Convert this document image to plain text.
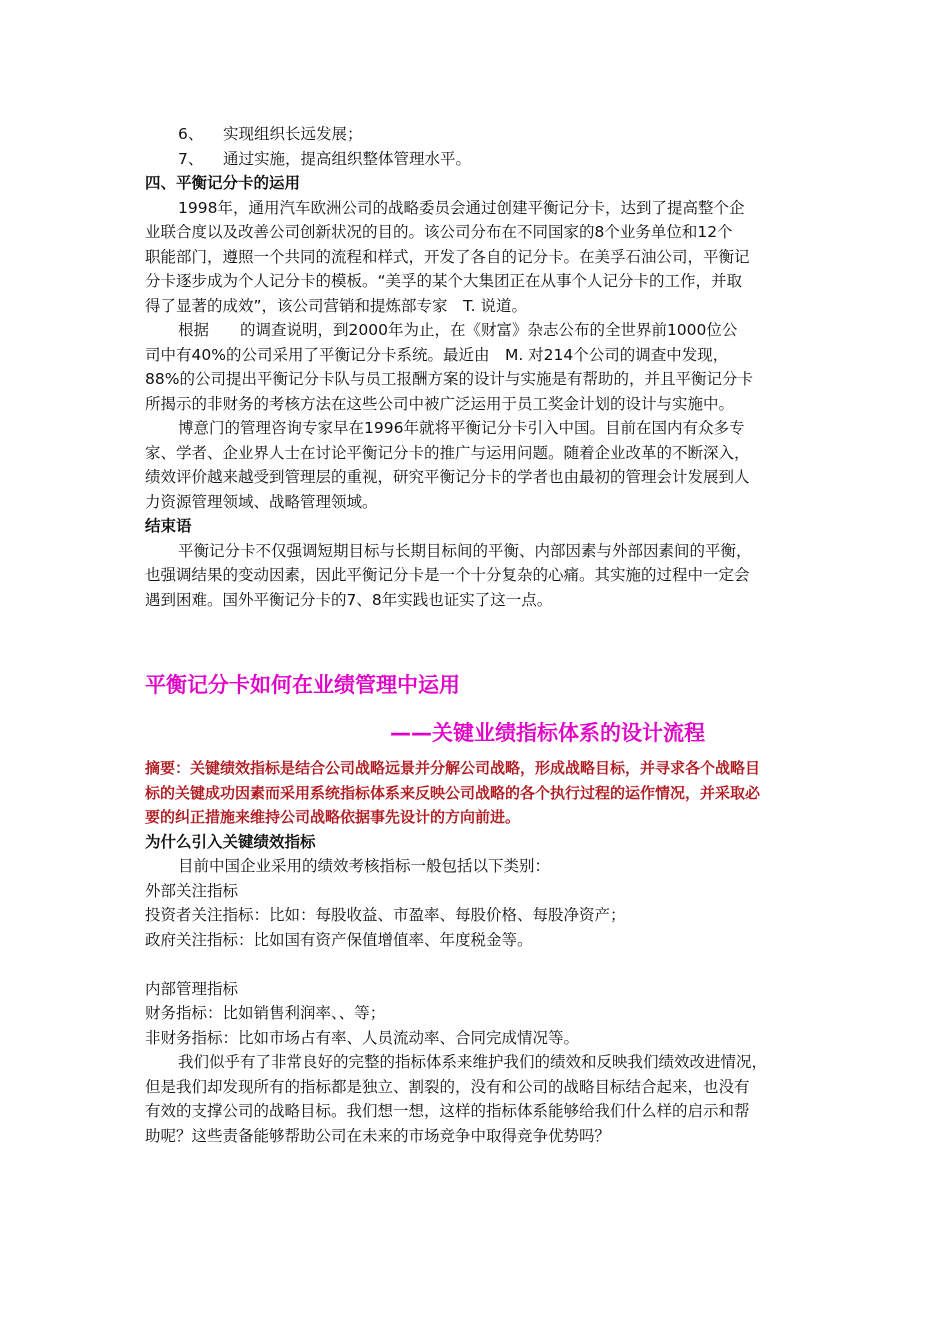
6、 实现组织长远发展；
7、 通过实施，提高组织整体管理水平。
四、平衡记分卡的运用
1998年，通用汽车欧洲公司的战略委员会通过创建平衡记分卡，达到了提高整个企
业联合度以及改善公司创新状况的目的。该公司分布在不同国家的8个业务单位和12个
职能部门，遵照一个共同的流程和样式，开发了各自的记分卡。在美孚石油公司，平衡记
分卡逐步成为个人记分卡的模板。“美孚的某个大集团正在从事个人记分卡的工作，并取
得了显著的成效”，该公司营销和提炼部专家　T. 说道。
根据　　的调查说明，到2000年为止，在《财富》杂志公布的全世界前1000位公
司中有40%的公司采用了平衡记分卡系统。最近由　M. 对214个公司的调查中发现，
88%的公司提出平衡记分卡队与员工报酬方案的设计与实施是有帮助的，并且平衡记分卡
所揭示的非财务的考核方法在这些公司中被广泛运用于员工奖金计划的设计与实施中。
博意门的管理咨询专家早在1996年就将平衡记分卡引入中国。目前在国内有众多专
家、学者、企业界人士在讨论平衡记分卡的推广与运用问题。随着企业改革的不断深入，
绩效评价越来越受到管理层的重视，研究平衡记分卡的学者也由最初的管理会计发展到人
力资源管理领域、战略管理领域。
结束语
平衡记分卡不仅强调短期目标与长期目标间的平衡、内部因素与外部因素间的平衡，
也强调结果的变动因素，因此平衡记分卡是一个十分复杂的心痛。其实施的过程中一定会
遇到困难。国外平衡记分卡的7、8年实践也证实了这一点。
平衡记分卡如何在业绩管理中运用
——关键业绩指标体系的设计流程
摘要：关键绩效指标是结合公司战略远景并分解公司战略，形成战略目标，并寻求各个战略目
标的关键成功因素而采用系统指标体系来反映公司战略的各个执行过程的运作情况，并采取必
要的纠正措施来维持公司战略依据事先设计的方向前进。
为什么引入关键绩效指标
目前中国企业采用的绩效考核指标一般包括以下类别：
外部关注指标
投资者关注指标：比如：每股收益、市盈率、每股价格、每股净资产；
政府关注指标：比如国有资产保值增值率、年度税金等。
内部管理指标
财务指标：比如销售利润率、、等；
非财务指标：比如市场占有率、人员流动率、合同完成情况等。
我们似乎有了非常良好的完整的指标体系来维护我们的绩效和反映我们绩效改进情况，
但是我们却发现所有的指标都是独立、割裂的，没有和公司的战略目标结合起来，也没有
有效的支撑公司的战略目标。我们想一想，这样的指标体系能够给我们什么样的启示和帮
助呢？这些责备能够帮助公司在未来的市场竞争中取得竞争优势吗？
